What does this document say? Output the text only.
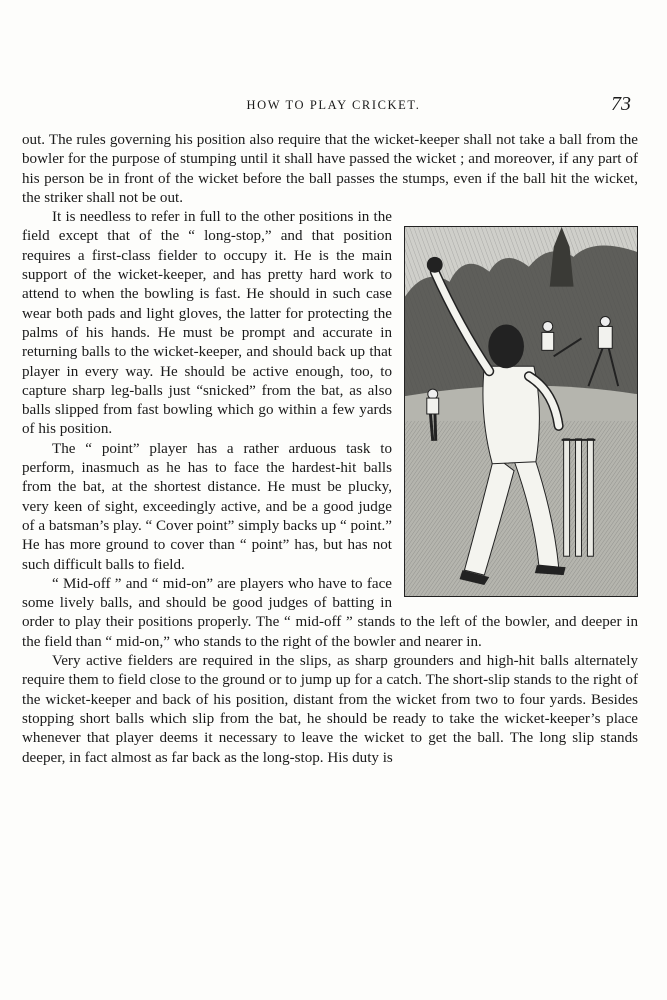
HOW TO PLAY CRICKET.	73

out. The rules governing his position also require that the wicket-keeper shall not take a ball from the bowler for the purpose of stumping until it shall have passed the wicket ; and moreover, if any part of his person be in front of the wicket before the ball passes the stumps, even if the ball hit the wicket, the striker shall not be out.

It is needless to refer in full to the other positions in the field except that of the “ long-stop,” and that position requires a first-class fielder to occupy it. He is the main support of the wicket-keeper, and has pretty hard work to attend to when the bowling is fast. He should in such case wear both pads and light gloves, the latter for protecting the palms of his hands. He must be prompt and accurate in returning balls to the wicket-keeper, and should back up that player in every way. He should be active enough, too, to capture sharp leg-balls just “snicked” from the bat, as also balls slipped from fast bowling which go within a few yards of his position.

The “ point” player has a rather arduous task to perform, inasmuch as he has to face the hardest-hit balls from the bat, at the shortest distance. He must be plucky, very keen of sight, exceedingly active, and be a good judge of a batsman’s play. “ Cover point” simply backs up “ point.” He has more ground to cover than “ point” has, but has not such difficult balls to field.

“ Mid-off ” and “ mid-on” are players who have to face some lively balls, and should be good judges of batting in order to play their positions properly. The “ mid-off ” stands to the left of the bowler, and deeper in the field than “ mid-on,” who stands to the right of the bowler and nearer in.

Very active fielders are required in the slips, as sharp grounders and high-hit balls alternately require them to field close to the ground or to jump up for a catch. The short-slip stands to the right of the wicket-keeper and back of his position, distant from the wicket from two to four yards. Besides stopping short balls which slip from the bat, he should be ready to take the wicket-keeper’s place whenever that player deems it necessary to leave the wicket to get the ball. The long slip stands deeper, in fact almost as far back as the long-stop. His duty is
